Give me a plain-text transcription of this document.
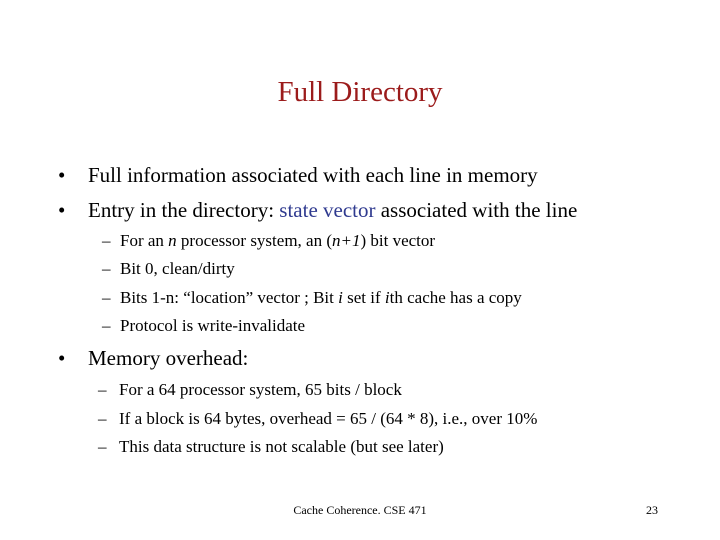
Full Directory
• Full information associated with each line in memory
• Entry in the directory: state vector associated with the line
– For an n processor system, an (n+1) bit vector
– Bit 0, clean/dirty
– Bits 1-n: “location” vector ; Bit i set if ith cache has a copy
– Protocol is write-invalidate
• Memory overhead:
– For a 64 processor system, 65 bits / block
– If a block is 64 bytes, overhead = 65 / (64 * 8), i.e., over 10%
– This data structure is not scalable (but see later)
Cache Coherence. CSE 471	23
